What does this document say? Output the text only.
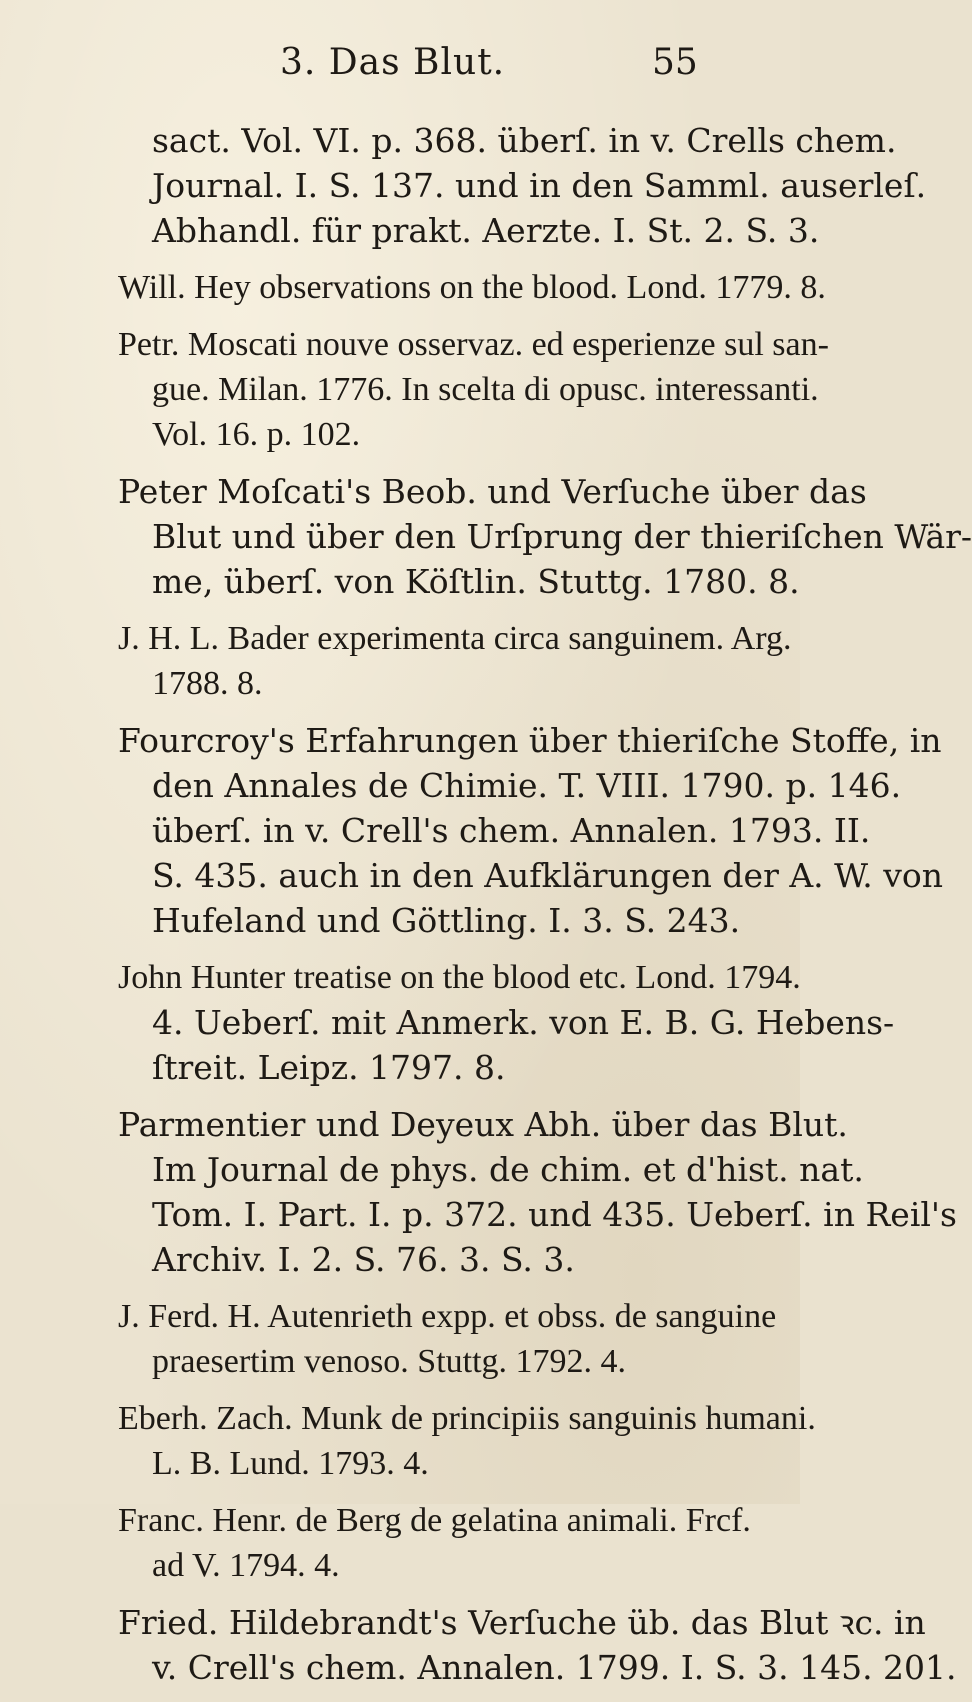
3. Das Blut.	55
sact. Vol. VI. p. 368. überſ. in v. Crells chem.
Journal. I. S. 137. und in den Samml. auserleſ.
Abhandl. für prakt. Aerzte. I. St. 2. S. 3.
Will. Hey observations on the blood. Lond. 1779. 8.
Petr. Moscati nouve osservaz. ed esperienze sul san-
gue. Milan. 1776. In scelta di opusc. interessanti.
Vol. 16. p. 102.
Peter Moſcati's Beob. und Verſuche über das
Blut und über den Urſprung der thieriſchen Wär-
me, überſ. von Köſtlin. Stuttg. 1780. 8.
J. H. L. Bader experimenta circa sanguinem. Arg.
1788. 8.
Fourcroy's Erfahrungen über thieriſche Stoffe, in
den Annales de Chimie. T. VIII. 1790. p. 146.
überſ. in v. Crell's chem. Annalen. 1793. II.
S. 435. auch in den Aufklärungen der A. W. von
Hufeland und Göttling. I. 3. S. 243.
John Hunter treatise on the blood etc. Lond. 1794.
4. Ueberſ. mit Anmerk. von E. B. G. Hebens-
ſtreit. Leipz. 1797. 8.
Parmentier und Deyeux Abh. über das Blut.
Im Journal de phys. de chim. et d'hist. nat.
Tom. I. Part. I. p. 372. und 435. Ueberſ. in Reil's
Archiv. I. 2. S. 76. 3. S. 3.
J. Ferd. H. Autenrieth expp. et obss. de sanguine
praesertim venoso. Stuttg. 1792. 4.
Eberh. Zach. Munk de principiis sanguinis humani.
L. B. Lund. 1793. 4.
Franc. Henr. de Berg de gelatina animali. Frcf.
ad V. 1794. 4.
Fried. Hildebrandt's Verſuche üb. das Blut ꝛc. in
v. Crell's chem. Annalen. 1799. I. S. 3. 145. 201.
